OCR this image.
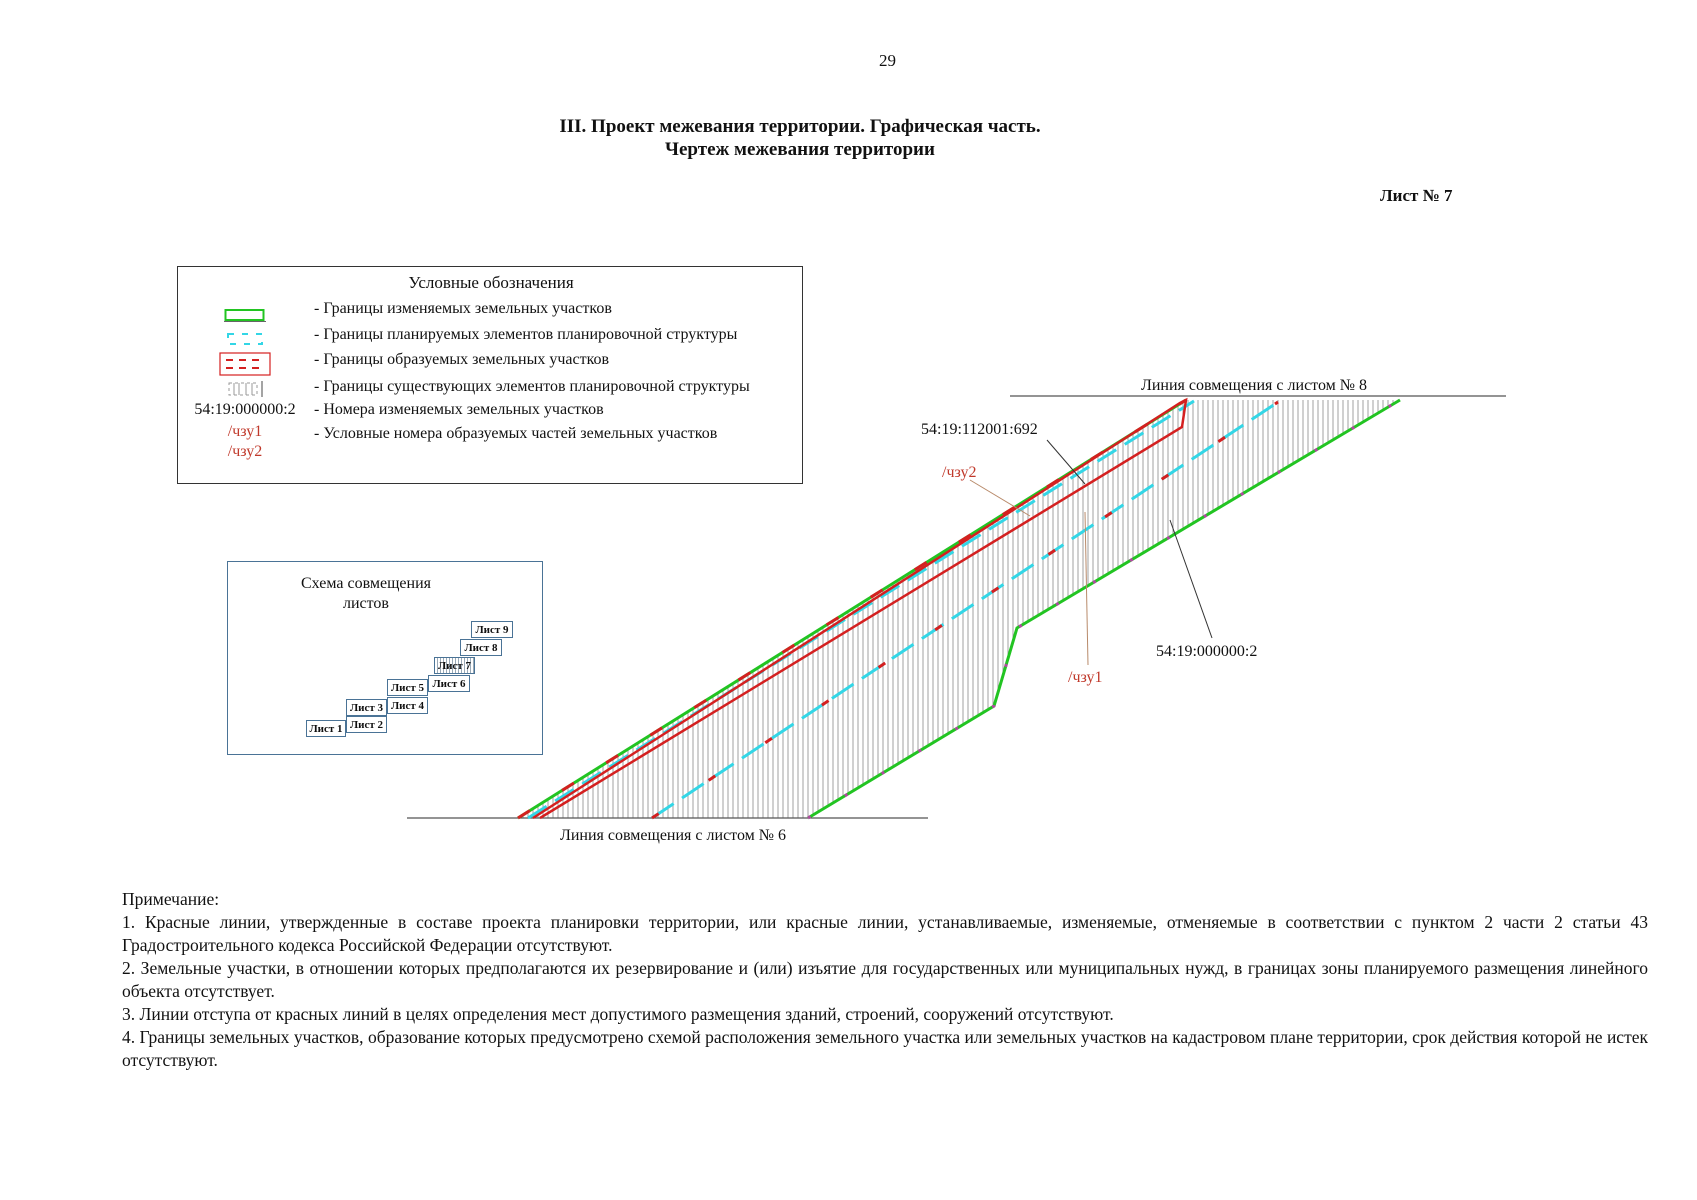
29
III. Проект межевания территории. Графическая часть.
Чертеж межевания территории
Лист № 7
Линия совмещения с листом № 8
Линия совмещения с листом № 6
54:19:112001:692
54:19:000000:2
/чзу2
/чзу1
Условные обозначения
54:19:000000:2
/чзу1
/чзу2
- Границы изменяемых земельных участков
- Границы планируемых элементов планировочной структуры
- Границы образуемых земельных участков
- Границы существующих элементов планировочной структуры
- Номера изменяемых земельных участков
- Условные номера образуемых частей земельных участков
Схема совмещения
листов
Лист 1 Лист 2
Лист 3 Лист 4
Лист 5 Лист 6
Лист 7
Лист 8
Лист 9

Примечание:

1. Красные линии, утвержденные в составе проекта планировки территории, или красные линии, устанавливаемые, изменяемые, отменяемые в соответствии с пунктом 2 части 2 статьи 43 Градостроительного кодекса Российской Федерации отсутствуют.

2. Земельные участки, в отношении которых предполагаются их резервирование и (или) изъятие для государственных или муниципальных нужд, в границах зоны планируемого размещения линейного объекта отсутствует.

3. Линии отступа от красных линий в целях определения мест допустимого размещения зданий, строений, сооружений отсутствуют.

4. Границы земельных участков, образование которых предусмотрено схемой расположения земельного участка или земельных участков на кадастровом плане территории, срок действия которой не истек отсутствуют.
